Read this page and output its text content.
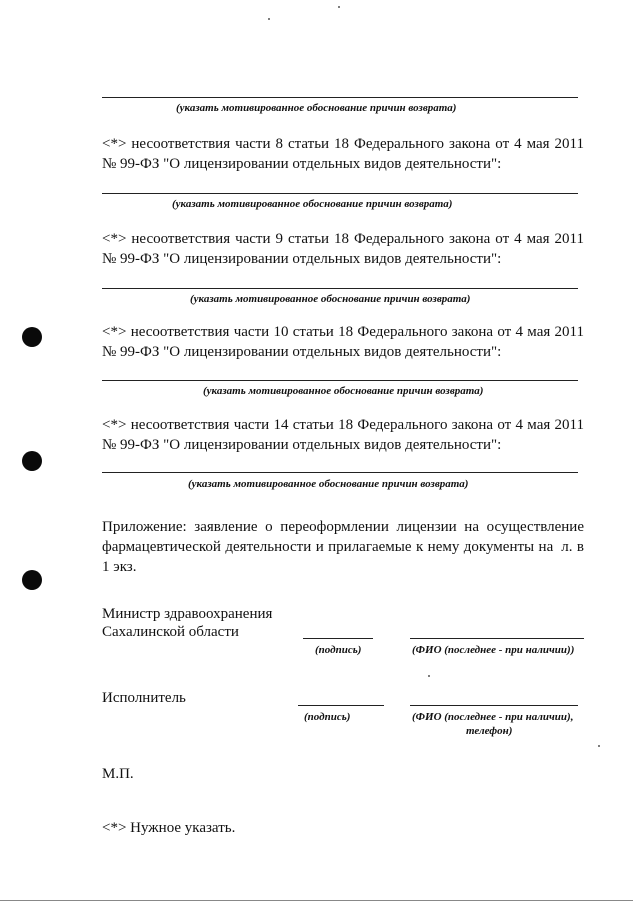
(указать мотивированное обоснование причин возврата)

<*> несоответствия части 8 статьи 18 Федерального закона от 4 мая 2011 № 99-ФЗ "О лицензировании отдельных видов деятельности":

(указать мотивированное обоснование причин возврата)

<*> несоответствия части 9 статьи 18 Федерального закона от 4 мая 2011 № 99-ФЗ "О лицензировании отдельных видов деятельности":

(указать мотивированное обоснование причин возврата)

<*> несоответствия части 10 статьи 18 Федерального закона от 4 мая 2011 № 99-ФЗ "О лицензировании отдельных видов деятельности":

(указать мотивированное обоснование причин возврата)

<*> несоответствия части 14 статьи 18 Федерального закона от 4 мая 2011 № 99-ФЗ "О лицензировании отдельных видов деятельности":

(указать мотивированное обоснование причин возврата)

Приложение: заявление о переоформлении лицензии на осуществление фармацевтической деятельности и прилагаемые к нему документы на л. в 1 экз.

Министр здравоохранения
Сахалинской области
(подпись)	(ФИО (последнее - при наличии))
Исполнитель
(подпись)	(ФИО (последнее - при наличии),
телефон)
М.П.
<*> Нужное указать.
